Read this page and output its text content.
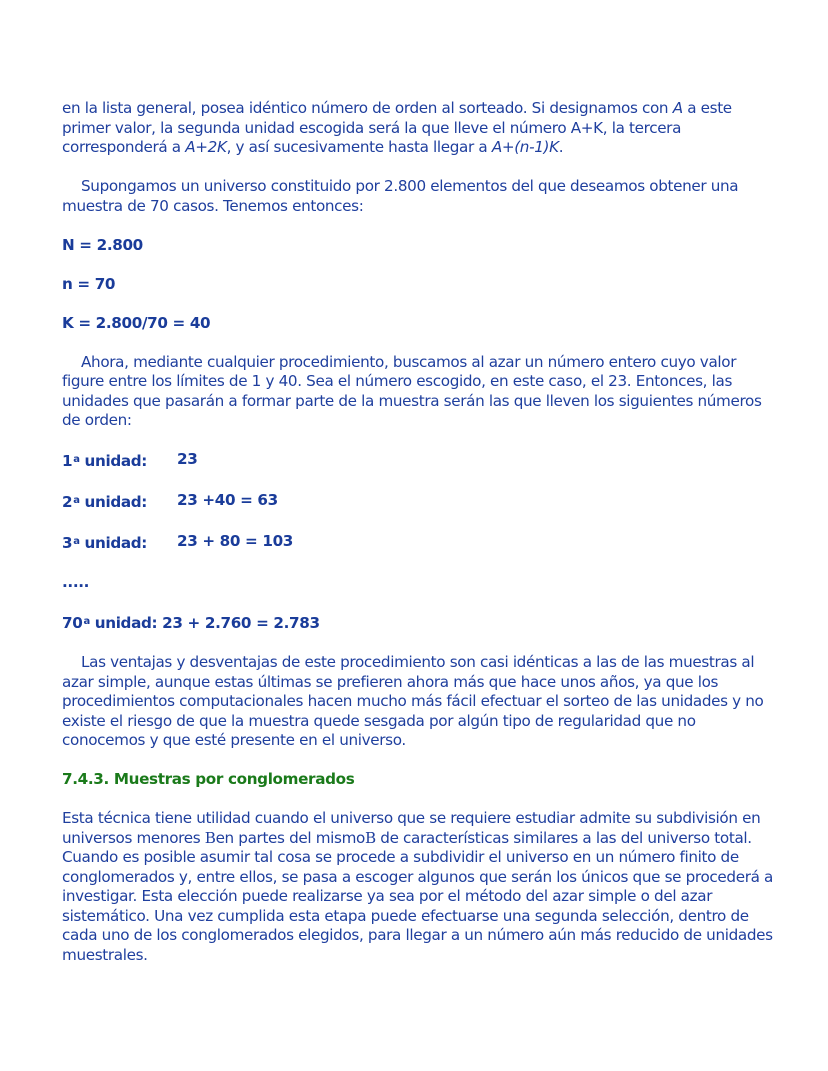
en la lista general, posea idéntico número de orden al sorteado. Si designamos con A a este primer valor, la segunda unidad escogida será la que lleve el número A+K, la tercera corresponderá a A+2K, y así sucesivamente hasta llegar a A+(n-1)K.

Supongamos un universo constituido por 2.800 elementos del que deseamos obtener una muestra de 70 casos. Tenemos entonces:

N = 2.800

n = 70

K = 2.800/70 = 40

Ahora, mediante cualquier procedimiento, buscamos al azar un número entero cuyo valor figure entre los límites de 1 y 40. Sea el número escogido, en este caso, el 23. Entonces, las unidades que pasarán a formar parte de la muestra serán las que lleven los siguientes números de orden:

1$^a$ unidad:	23
2$^a$ unidad:	23 +40 = 63
3$^a$ unidad:	23 + 80 = 103

.....

70$^a$ unidad: 23 + 2.760 = 2.783

Las ventajas y desventajas de este procedimiento son casi idénticas a las de las muestras al azar simple, aunque estas últimas se prefieren ahora más que hace unos años, ya que los procedimientos computacionales hacen mucho más fácil efectuar el sorteo de las unidades y no existe el riesgo de que la muestra quede sesgada por algún tipo de regularidad que no conocemos y que esté presente en el universo.

7.4.3. Muestras por conglomerados

Esta técnica tiene utilidad cuando el universo que se requiere estudiar admite su subdivisión en universos menores Ben partes del mismoB de características similares a las del universo total. Cuando es posible asumir tal cosa se procede a subdividir el universo en un número finito de conglomerados y, entre ellos, se pasa a escoger algunos que serán los únicos que se procederá a investigar. Esta elección puede realizarse ya sea por el método del azar simple o del azar sistemático. Una vez cumplida esta etapa puede efectuarse una segunda selección, dentro de cada uno de los conglomerados elegidos, para llegar a un número aún más reducido de unidades muestrales.
